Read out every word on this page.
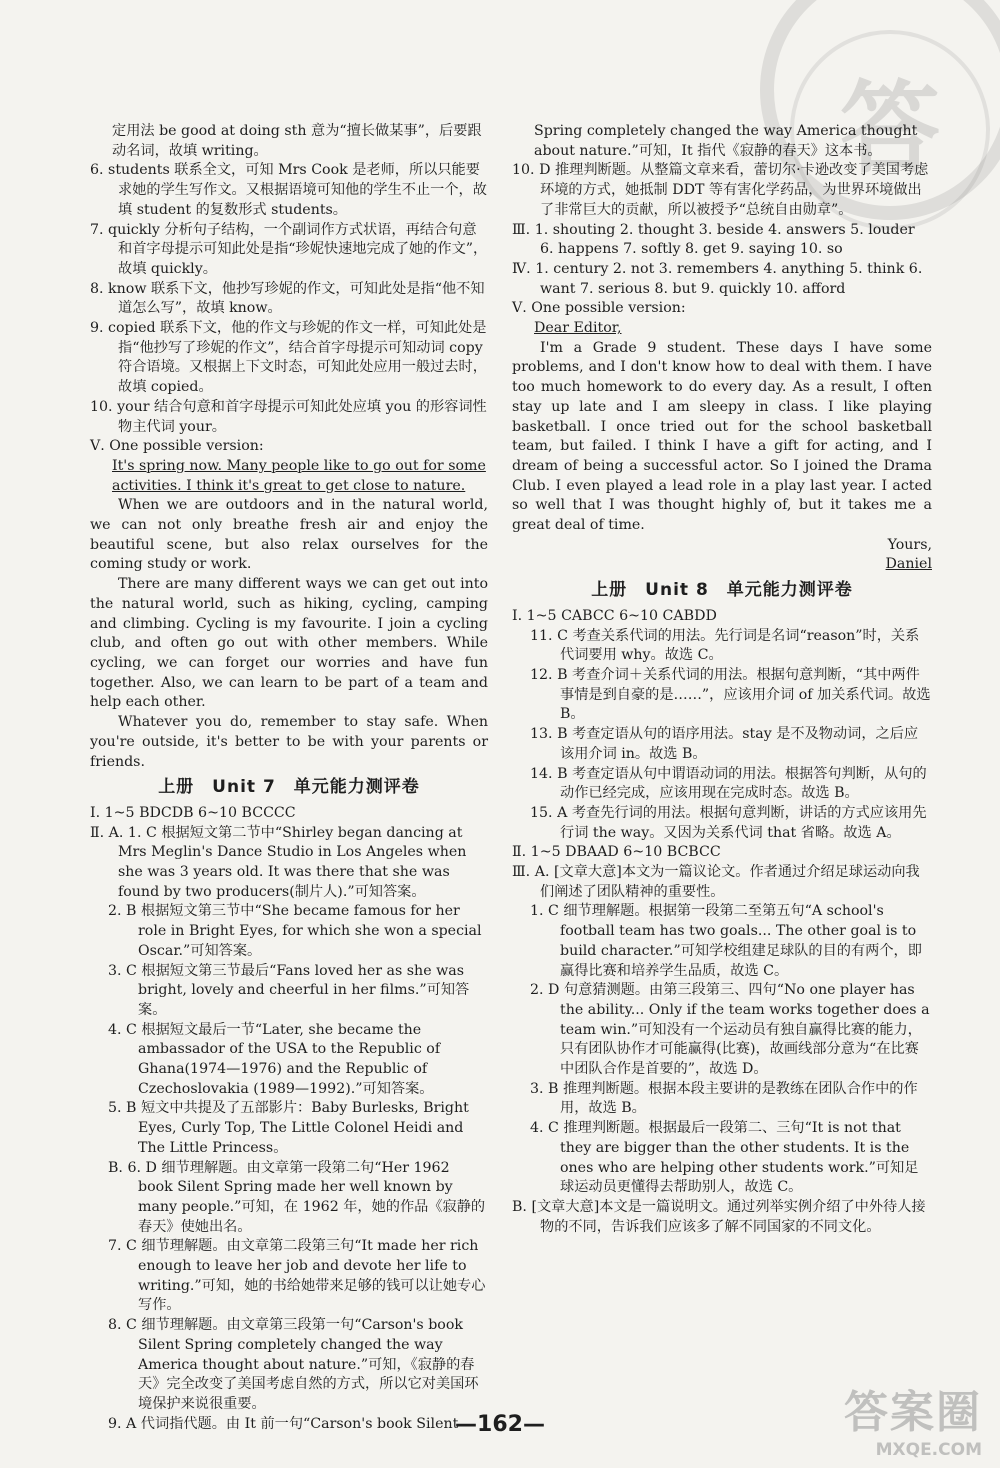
答

定用法 be good at doing sth 意为“擅长做某事”，后要跟动名词，故填 writing。

6. students 联系全文，可知 Mrs Cook 是老师，所以只能要求她的学生写作文。又根据语境可知他的学生不止一个，故填 student 的复数形式 students。

7. quickly 分析句子结构，一个副词作方式状语，再结合句意和首字母提示可知此处是指“珍妮快速地完成了她的作文”，故填 quickly。

8. know 联系下文，他抄写珍妮的作文，可知此处是指“他不知道怎么写”，故填 know。

9. copied 联系下文，他的作文与珍妮的作文一样，可知此处是指“他抄写了珍妮的作文”，结合首字母提示可知动词 copy 符合语境。又根据上下文时态，可知此处应用一般过去时，故填 copied。

10. your 结合句意和首字母提示可知此处应填 you 的形容词性物主代词 your。

Ⅴ. One possible version:

It's spring now. Many people like to go out for some activities. I think it's great to get close to nature.

When we are outdoors and in the natural world, we can not only breathe fresh air and enjoy the beautiful scene, but also relax ourselves for the coming study or work.

There are many different ways we can get out into the natural world, such as hiking, cycling, camping and climbing. Cycling is my favourite. I join a cycling club, and often go out with other members. While cycling, we can forget our worries and have fun together. Also, we can learn to be part of a team and help each other.

Whatever you do, remember to stay safe. When you're outside, it's better to be with your parents or friends.

上册　Unit 7　单元能力测评卷

Ⅰ. 1~5 BDCDB 6~10 BCCCC

Ⅱ. A. 1. C 根据短文第二节中“Shirley began dancing at Mrs Meglin's Dance Studio in Los Angeles when she was 3 years old. It was there that she was found by two producers(制片人).”可知答案。

2. B 根据短文第三节中“She became famous for her role in Bright Eyes, for which she won a special Oscar.”可知答案。

3. C 根据短文第三节最后“Fans loved her as she was bright, lovely and cheerful in her films.”可知答案。

4. C 根据短文最后一节“Later, she became the ambassador of the USA to the Republic of Ghana(1974—1976) and the Republic of Czechoslovakia (1989—1992).”可知答案。

5. B 短文中共提及了五部影片：Baby Burlesks, Bright Eyes, Curly Top, The Little Colonel Heidi and The Little Princess。

B. 6. D 细节理解题。由文章第一段第二句“Her 1962 book Silent Spring made her well known by many people.”可知，在 1962 年，她的作品《寂静的春天》使她出名。

7. C 细节理解题。由文章第二段第三句“It made her rich enough to leave her job and devote her life to writing.”可知，她的书给她带来足够的钱可以让她专心写作。

8. C 细节理解题。由文章第三段第一句“Carson's book Silent Spring completely changed the way America thought about nature.”可知，《寂静的春天》完全改变了美国考虑自然的方式，所以它对美国环境保护来说很重要。

9. A 代词指代题。由 It 前一句“Carson's book Silent

Spring completely changed the way America thought about nature.”可知，It 指代《寂静的春天》这本书。

10. D 推理判断题。从整篇文章来看，蕾切尔·卡逊改变了美国考虑环境的方式，她抵制 DDT 等有害化学药品，为世界环境做出了非常巨大的贡献，所以被授予“总统自由勋章”。

Ⅲ. 1. shouting 2. thought 3. beside 4. answers 5. louder 6. happens 7. softly 8. get 9. saying 10. so

Ⅳ. 1. century 2. not 3. remembers 4. anything 5. think 6. want 7. serious 8. but 9. quickly 10. afford

Ⅴ. One possible version:

Dear Editor,

I'm a Grade 9 student. These days I have some problems, and I don't know how to deal with them. I have too much homework to do every day. As a result, I often stay up late and I am sleepy in class. I like playing basketball. I once tried out for the school basketball team, but failed. I think I have a gift for acting, and I dream of being a successful actor. So I joined the Drama Club. I even played a lead role in a play last year. I acted so well that I was thought highly of, but it takes me a great deal of time.

Yours,

Daniel

上册　Unit 8　单元能力测评卷

Ⅰ. 1~5 CABCC 6~10 CABDD

11. C 考查关系代词的用法。先行词是名词“reason”时，关系代词要用 why。故选 C。

12. B 考查介词＋关系代词的用法。根据句意判断，“其中两件事情是到自豪的是……”，应该用介词 of 加关系代词。故选 B。

13. B 考查定语从句的语序用法。stay 是不及物动词，之后应该用介词 in。故选 B。

14. B 考查定语从句中谓语动词的用法。根据答句判断，从句的动作已经完成，应该用现在完成时态。故选 B。

15. A 考查先行词的用法。根据句意判断，讲话的方式应该用先行词 the way。又因为关系代词 that 省略。故选 A。

Ⅱ. 1~5 DBAAD 6~10 BCBCC

Ⅲ. A. [文章大意]本文为一篇议论文。作者通过介绍足球运动向我们阐述了团队精神的重要性。

1. C 细节理解题。根据第一段第二至第五句“A school's football team has two goals... The other goal is to build character.”可知学校组建足球队的目的有两个，即赢得比赛和培养学生品质，故选 C。

2. D 句意猜测题。由第三段第三、四句“No one player has the ability... Only if the team works together does a team win.”可知没有一个运动员有独自赢得比赛的能力，只有团队协作才可能赢得(比赛)，故画线部分意为“在比赛中团队合作是首要的”，故选 D。

3. B 推理判断题。根据本段主要讲的是教练在团队合作中的作用，故选 B。

4. C 推理判断题。根据最后一段第二、三句“It is not that they are bigger than the other students. It is the ones who are helping other students work.”可知足球运动员更懂得去帮助别人，故选 C。

B. [文章大意]本文是一篇说明文。通过列举实例介绍了中外待人接物的不同，告诉我们应该多了解不同国家的不同文化。

—162—	答案圈
MXQE.COM
